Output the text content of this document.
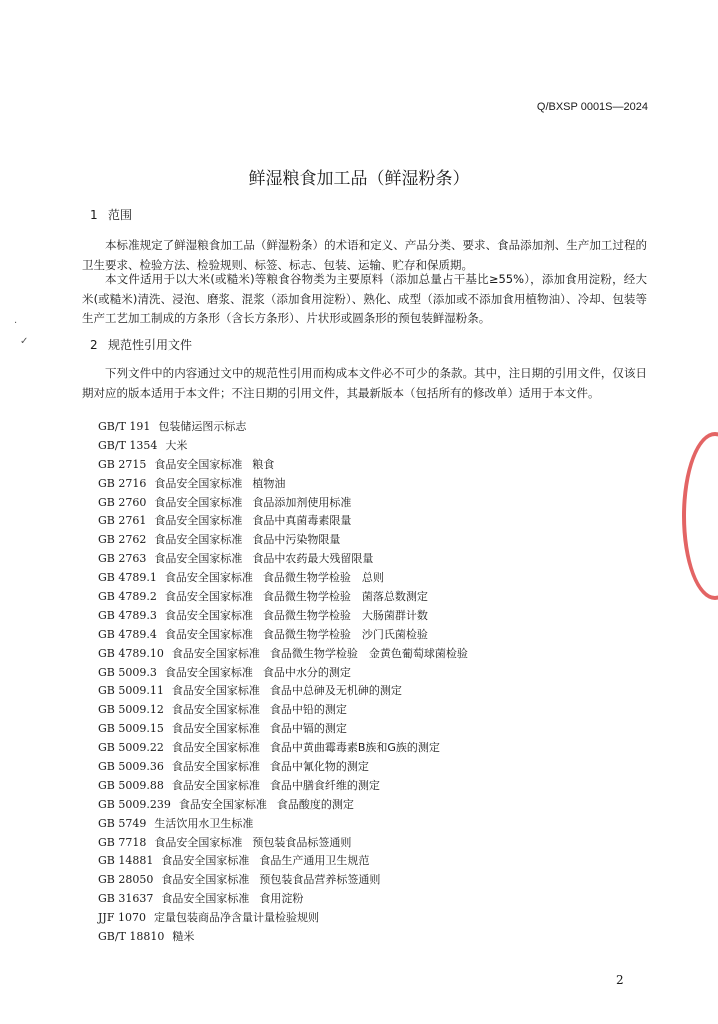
Q/BXSP 0001S—2024
鲜湿粮食加工品（鲜湿粉条）
1 范围
本标准规定了鲜湿粮食加工品（鲜湿粉条）的术语和定义、产品分类、要求、食品添加剂、生产加工过程的卫生要求、检验方法、检验规则、标签、标志、包装、运输、贮存和保质期。
本文件适用于以大米(或糙米)等粮食谷物类为主要原料（添加总量占干基比≥55%），添加食用淀粉，经大米(或糙米)清洗、浸泡、磨浆、混浆（添加食用淀粉）、熟化、成型（添加或不添加食用植物油）、冷却、包装等生产工艺加工制成的方条形（含长方条形）、片状形或圆条形的预包装鲜湿粉条。
2 规范性引用文件
下列文件中的内容通过文中的规范性引用而构成本文件必不可少的条款。其中，注日期的引用文件，仅该日期对应的版本适用于本文件；不注日期的引用文件，其最新版本（包括所有的修改单）适用于本文件。
GB/T 191 包装储运图示标志
GB/T 1354 大米
GB 2715 食品安全国家标准 粮食
GB 2716 食品安全国家标准 植物油
GB 2760 食品安全国家标准 食品添加剂使用标准
GB 2761 食品安全国家标准 食品中真菌毒素限量
GB 2762 食品安全国家标准 食品中污染物限量
GB 2763 食品安全国家标准 食品中农药最大残留限量
GB 4789.1 食品安全国家标准 食品微生物学检验　总则
GB 4789.2 食品安全国家标准 食品微生物学检验　菌落总数测定
GB 4789.3 食品安全国家标准 食品微生物学检验　大肠菌群计数
GB 4789.4 食品安全国家标准 食品微生物学检验　沙门氏菌检验
GB 4789.10 食品安全国家标准 食品微生物学检验　金黄色葡萄球菌检验
GB 5009.3 食品安全国家标准 食品中水分的测定
GB 5009.11 食品安全国家标准 食品中总砷及无机砷的测定
GB 5009.12 食品安全国家标准 食品中铅的测定
GB 5009.15 食品安全国家标准 食品中镉的测定
GB 5009.22 食品安全国家标准 食品中黄曲霉毒素B族和G族的测定
GB 5009.36 食品安全国家标准 食品中氰化物的测定
GB 5009.88 食品安全国家标准 食品中膳食纤维的测定
GB 5009.239 食品安全国家标准 食品酸度的测定
GB 5749 生活饮用水卫生标准
GB 7718 食品安全国家标准 预包装食品标签通则
GB 14881 食品安全国家标准 食品生产通用卫生规范
GB 28050 食品安全国家标准 预包装食品营养标签通则
GB 31637 食品安全国家标准 食用淀粉
JJF 1070 定量包装商品净含量计量检验规则
GB/T 18810 糙米
2
·
✓
